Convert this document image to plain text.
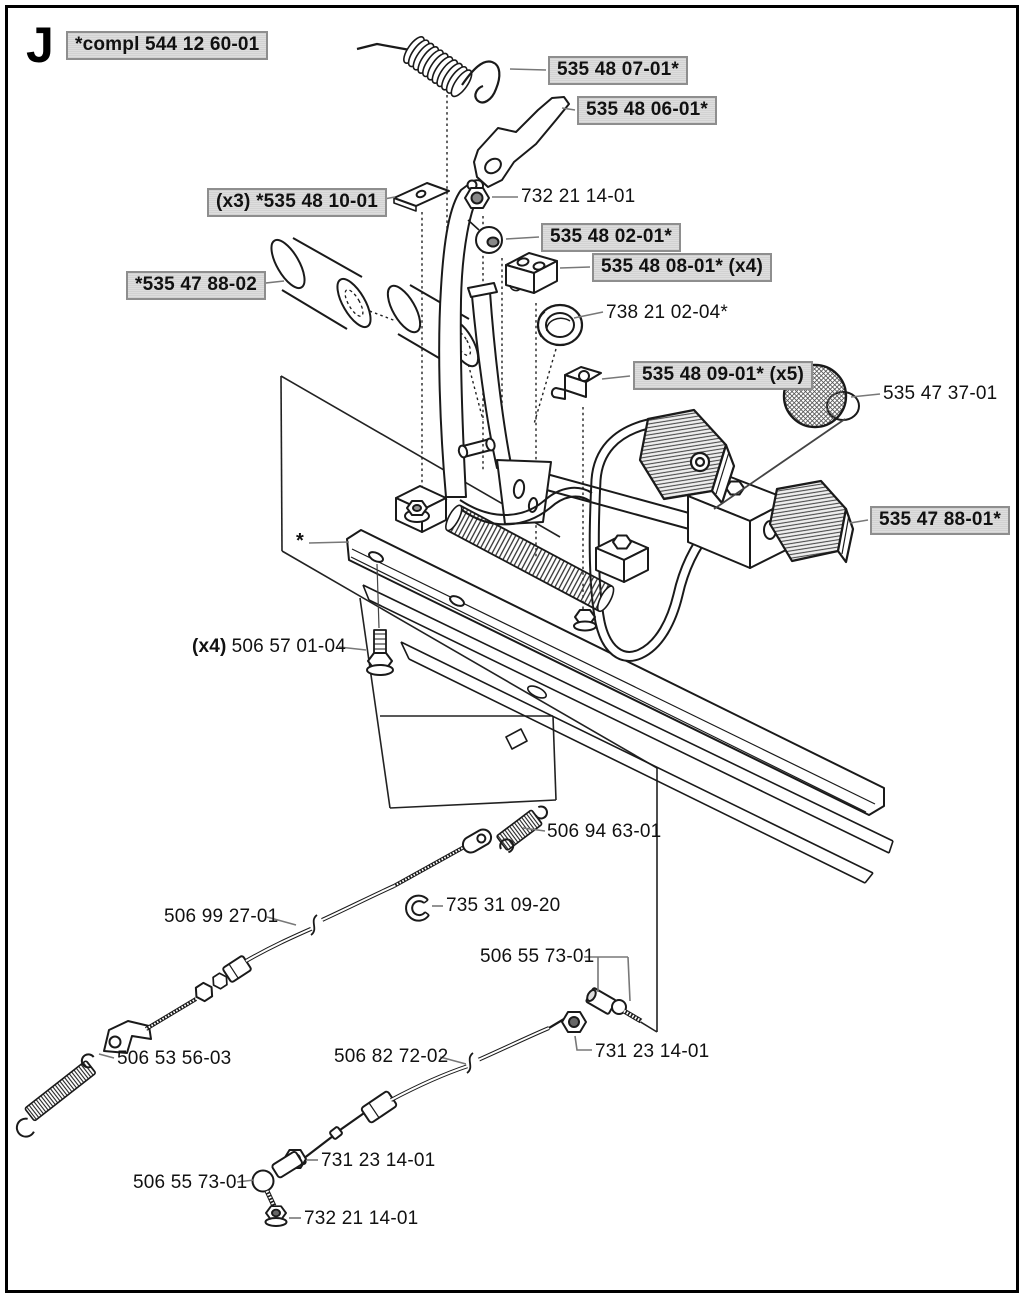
J	*compl 544 12 60-01
535 48 07-01*
535 48 06-01*
(x3) *535 48 10-01	732 21 14-01
535 48 02-01*
535 48 08-01* (x4)
738 21 02-04*
535 48 09-01* (x5)
535 47 37-01
*535 47 88-02
535 47 88-01*
*
(x4) 506 57 01-04
506 94 63-01
506 99 27-01
735 31 09-20
506 55 73-01
731 23 14-01
506 82 72-02
506 53 56-03
506 55 73-01
731 23 14-01
732 21 14-01
